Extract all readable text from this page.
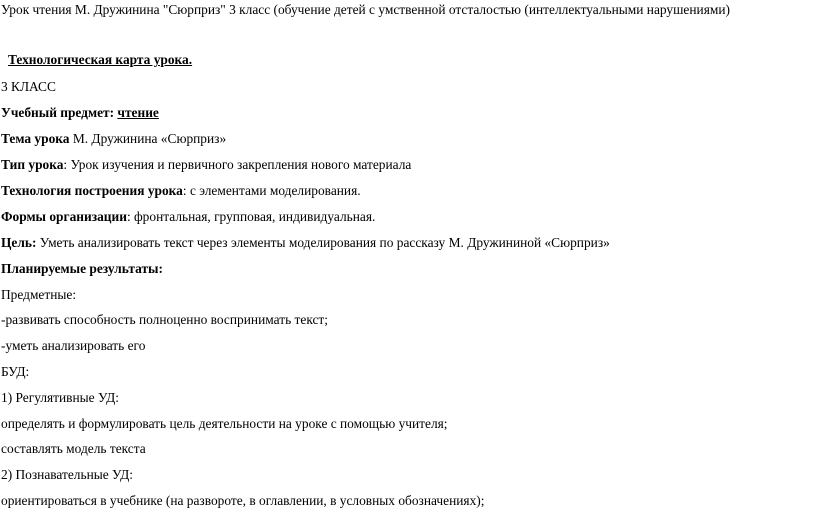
Урок чтения М. Дружинина "Сюрприз" 3 класс (обучение детей с умственной отсталостью (интеллектуальными нарушениями)
Технологическая карта урока.
3 КЛАСС
Учебный предмет: чтение
Тема урока М. Дружинина «Сюрприз»
Тип урока: Урок изучения и первичного закрепления нового материала
Технология построения урока: с элементами моделирования.
Формы организации: фронтальная, групповая, индивидуальная.
Цель: Уметь анализировать текст через элементы моделирования по рассказу М. Дружининой «Сюрприз»
Планируемые результаты:
Предметные:
-развивать способность полноценно воспринимать текст;
-уметь анализировать его
БУД:
1) Регулятивные УД:
определять и формулировать цель деятельности на уроке с помощью учителя;
составлять модель текста
2) Познавательные УД:
ориентироваться в учебнике (на развороте, в оглавлении, в условных обозначениях);
